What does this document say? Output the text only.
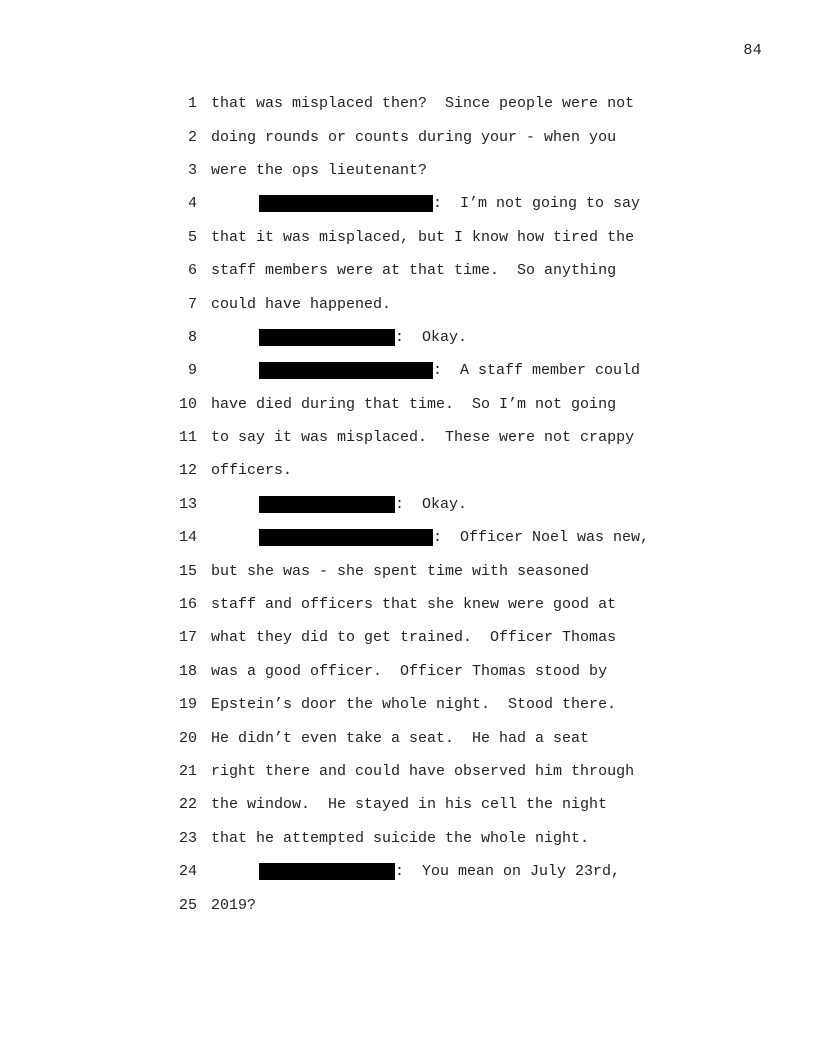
84
1 that was misplaced then?  Since people were not
2 doing rounds or counts during your - when you
3 were the ops lieutenant?
4	:  I’m not going to say
5 that it was misplaced, but I know how tired the
6 staff members were at that time.  So anything
7 could have happened.
8	:  Okay.
9	:  A staff member could
10 have died during that time.  So I’m not going
11 to say it was misplaced.  These were not crappy
12 officers.
13	:  Okay.
14	:  Officer Noel was new,
15 but she was - she spent time with seasoned
16 staff and officers that she knew were good at
17 what they did to get trained.  Officer Thomas
18 was a good officer.  Officer Thomas stood by
19 Epstein’s door the whole night.  Stood there.
20 He didn’t even take a seat.  He had a seat
21 right there and could have observed him through
22 the window.  He stayed in his cell the night
23 that he attempted suicide the whole night.
24	:  You mean on July 23rd,
25 2019?
